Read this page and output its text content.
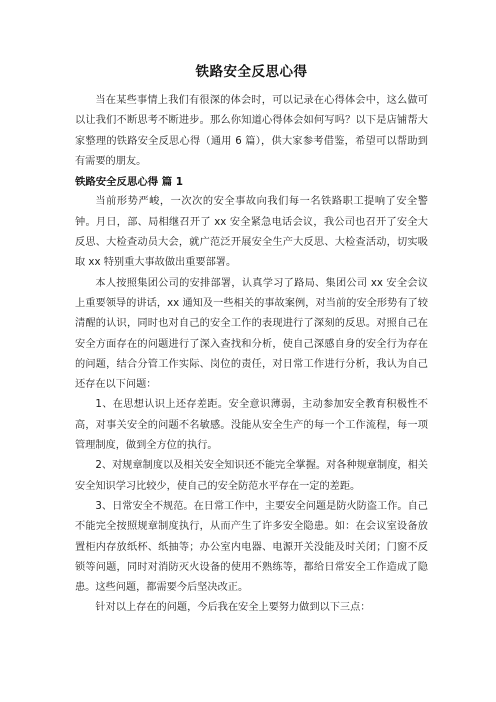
铁路安全反思心得

当在某些事情上我们有很深的体会时，可以记录在心得体会中，这么做可以让我们不断思考不断进步。那么你知道心得体会如何写吗？以下是店铺帮大家整理的铁路安全反思心得（通用 6 篇），供大家参考借鉴，希望可以帮助到有需要的朋友。

铁路安全反思心得 篇 1

当前形势严峻，一次次的安全事故向我们每一名铁路职工提响了安全警钟。月日，部、局相继召开了 xx 安全紧急电话会议，我公司也召开了安全大反思、大检查动员大会，就广范泛开展安全生产大反思、大检查活动，切实吸取 xx 特别重大事故做出重要部署。

本人按照集团公司的安排部署，认真学习了路局、集团公司 xx 安全会议上重要领导的讲话，xx 通知及一些相关的事故案例，对当前的安全形势有了较清醒的认识，同时也对自己的安全工作的表现进行了深刻的反思。对照自己在安全方面存在的问题进行了深入查找和分析，使自己深感自身的安全行为存在的问题，结合分管工作实际、岗位的责任，对日常工作进行分析，我认为自己还存在以下问题：

1、在思想认识上还存差距。安全意识薄弱，主动参加安全教育积极性不高，对事关安全的问题不名敏感。没能从安全生产的每一个工作流程，每一项管理制度，做到全方位的执行。

2、对规章制度以及相关安全知识还不能完全掌握。对各种规章制度，相关安全知识学习比较少，使自己的安全防范水平存在一定的差距。

3、日常安全不规范。在日常工作中，主要安全问题是防火防盗工作。自己不能完全按照规章制度执行，从而产生了许多安全隐患。如：在会议室设备放置柜内存放纸杯、纸抽等；办公室内电器、电源开关没能及时关闭；门窗不反锁等问题，同时对消防灭火设备的使用不熟练等，都给日常安全工作造成了隐患。这些问题，都需要今后坚决改正。

针对以上存在的问题，今后我在安全上要努力做到以下三点：
